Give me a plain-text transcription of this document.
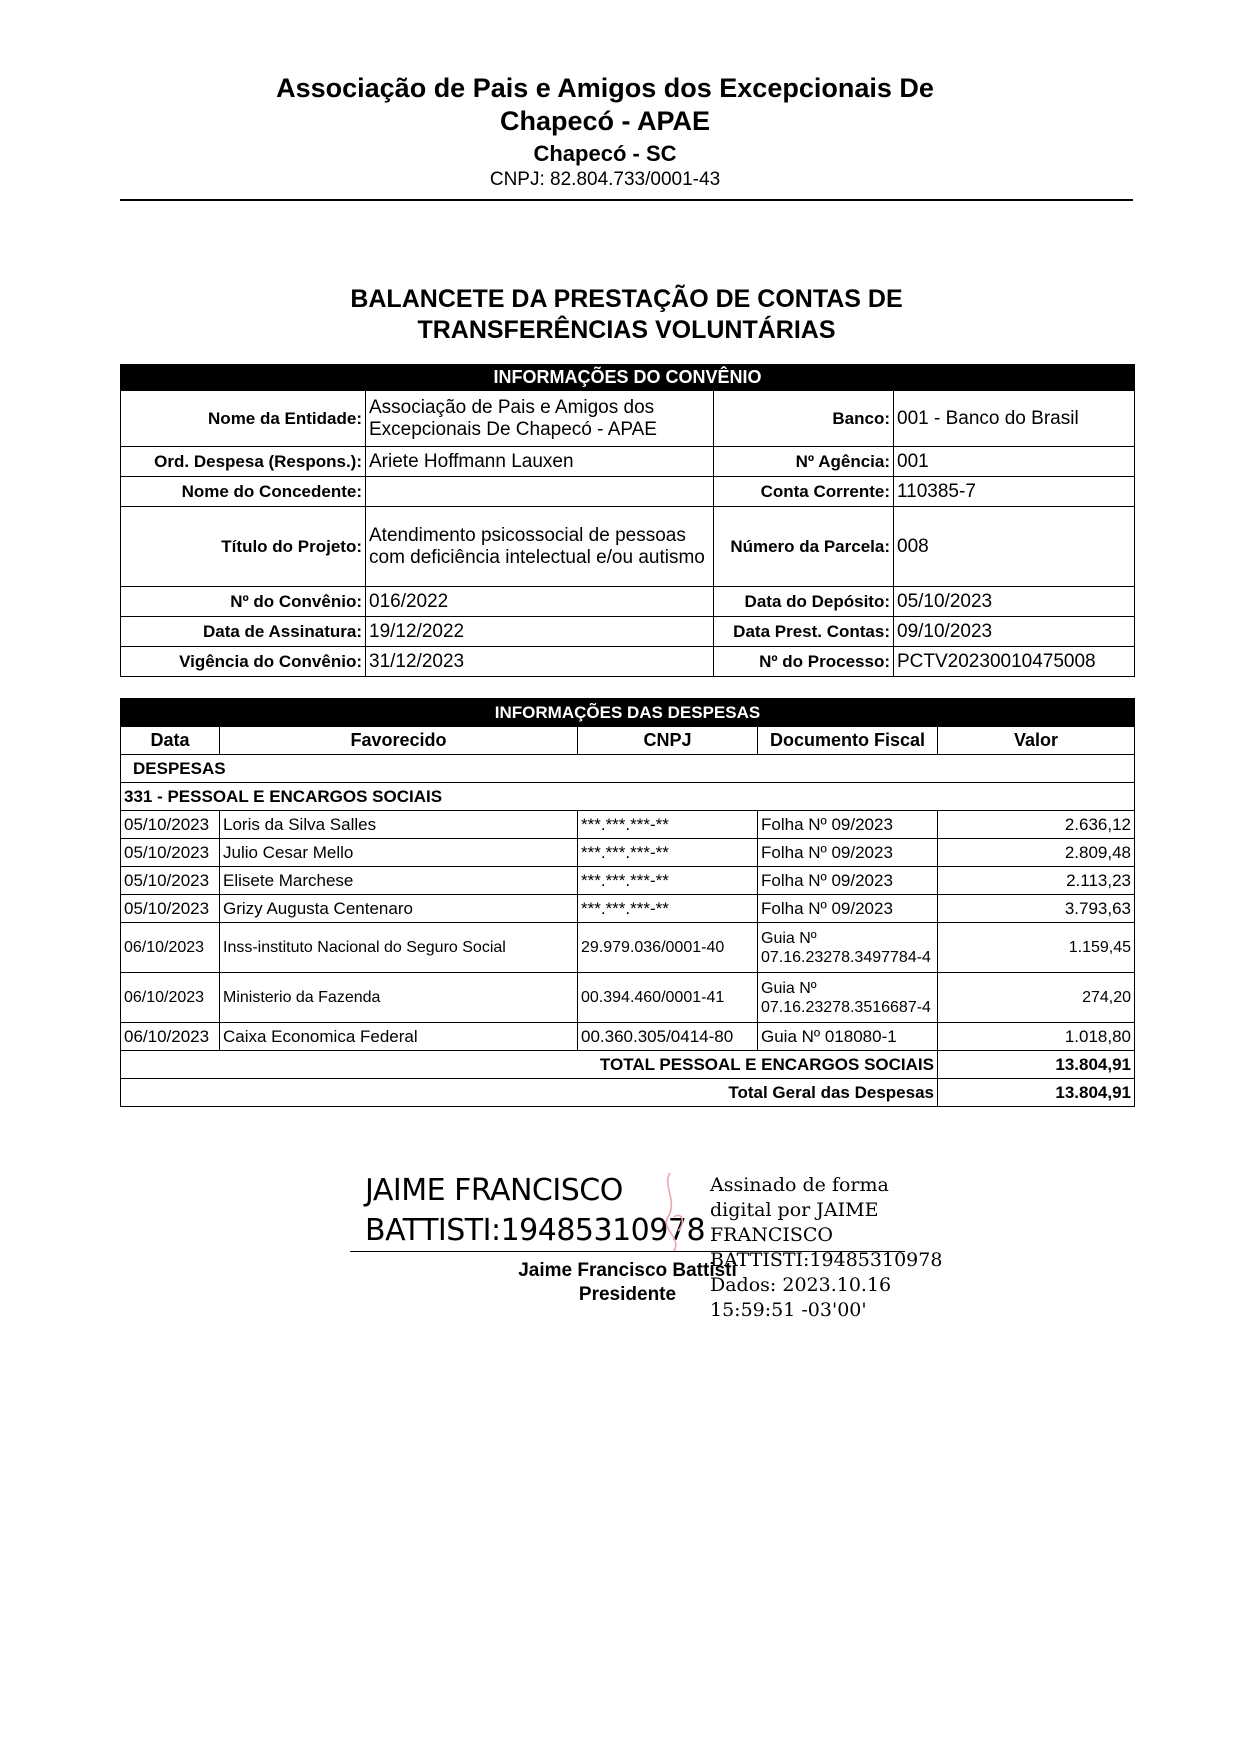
Associação de Pais e Amigos dos Excepcionais De Chapecó - APAE
Chapecó - SC
CNPJ: 82.804.733/0001-43
BALANCETE DA PRESTAÇÃO DE CONTAS DE TRANSFERÊNCIAS VOLUNTÁRIAS
INFORMAÇÕES DO CONVÊNIO			
Nome da Entidade:	Associação de Pais e Amigos dos Excepcionais De Chapecó - APAE	Banco:	001 - Banco do Brasil
Ord. Despesa (Respons.):	Ariete Hoffmann Lauxen	Nº Agência:	001
Nome do Concedente:		Conta Corrente:	110385-7
Título do Projeto:	Atendimento psicossocial de pessoas com deficiência intelectual e/ou autismo	Número da Parcela:	008
Nº do Convênio:	016/2022	Data do Depósito:	05/10/2023
Data de Assinatura:	19/12/2022	Data Prest. Contas:	09/10/2023
Vigência do Convênio:	31/12/2023	Nº do Processo:	PCTV20230010475008
INFORMAÇÕES DAS DESPESAS				
Data	Favorecido	CNPJ	Documento Fiscal	Valor
DESPESAS				
331 - PESSOAL E ENCARGOS SOCIAIS				
05/10/2023	Loris da Silva Salles	***.***.***-**	Folha Nº 09/2023	2.636,12
05/10/2023	Julio Cesar Mello	***.***.***-**	Folha Nº 09/2023	2.809,48
05/10/2023	Elisete Marchese	***.***.***-**	Folha Nº 09/2023	2.113,23
05/10/2023	Grizy Augusta Centenaro	***.***.***-**	Folha Nº 09/2023	3.793,63
06/10/2023	Inss-instituto Nacional do Seguro Social	29.979.036/0001-40	Guia Nº 07.16.23278.3497784-4	1.159,45
06/10/2023	Ministerio da Fazenda	00.394.460/0001-41	Guia Nº 07.16.23278.3516687-4	274,20
06/10/2023	Caixa Economica Federal	00.360.305/0414-80	Guia Nº 018080-1	1.018,80
TOTAL PESSOAL E ENCARGOS SOCIAIS				13.804,91
Total Geral das Despesas				13.804,91
JAIME FRANCISCO BATTISTI:19485310978
Assinado de forma digital por JAIME
FRANCISCO BATTISTI:19485310978
Dados: 2023.10.16 15:59:51 -03'00'
Jaime Francisco Battisti
Presidente
